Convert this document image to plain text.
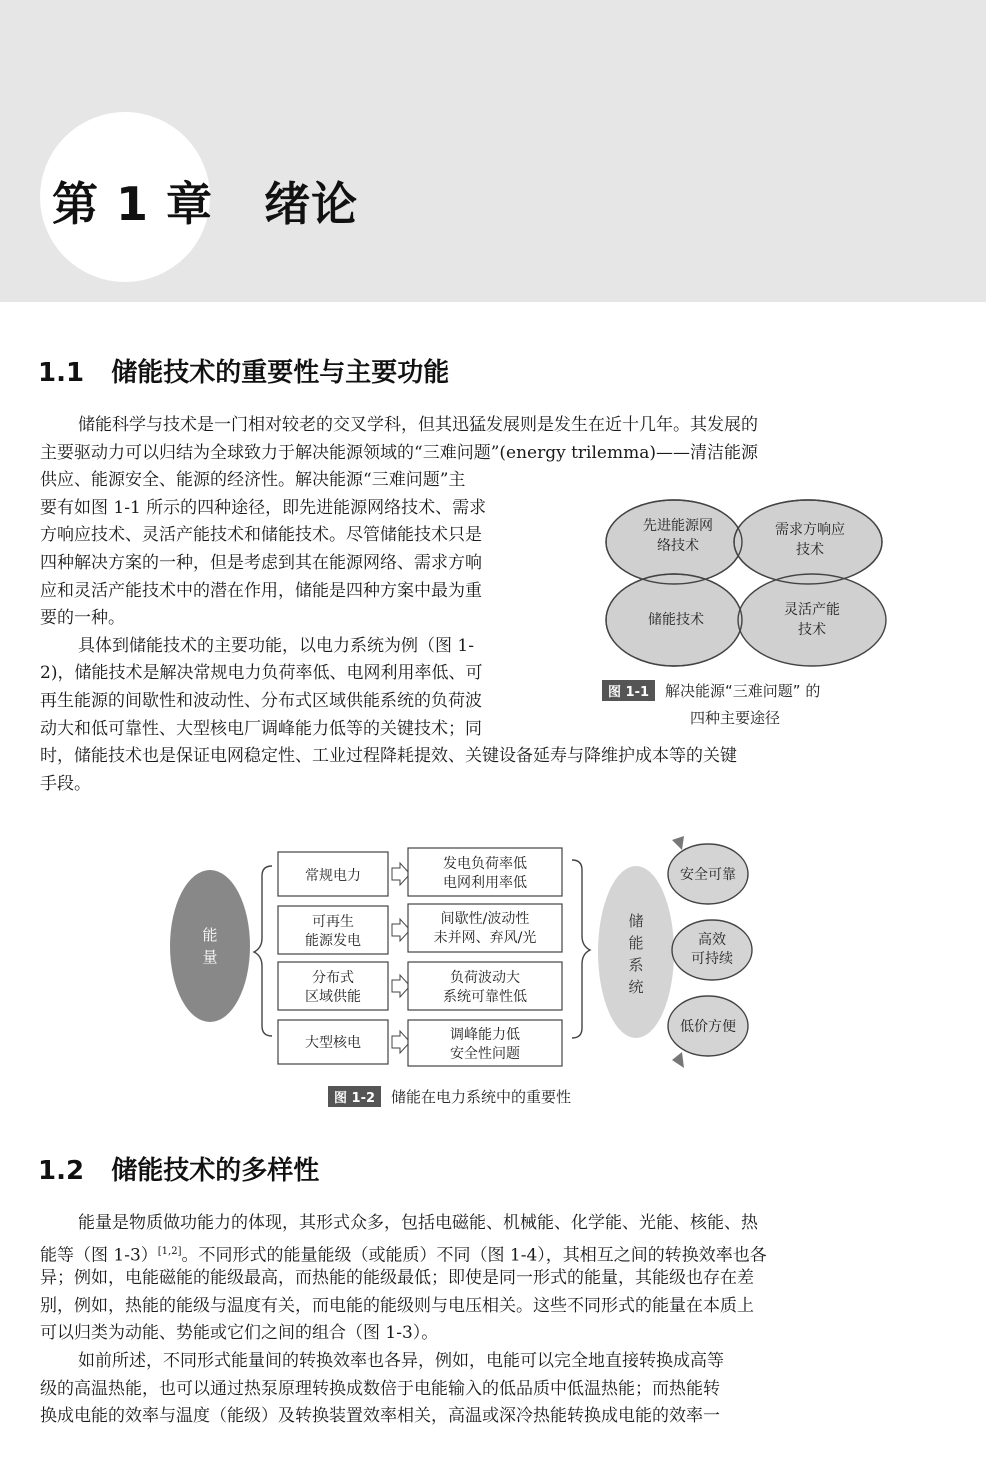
第 1 章   绪论
1.1   储能技术的重要性与主要功能
储能科学与技术是一门相对较老的交叉学科，但其迅猛发展则是发生在近十几年。其发展的
主要驱动力可以归结为全球致力于解决能源领域的“三难问题”(energy trilemma)——清洁能源
供应、能源安全、能源的经济性。解决能源“三难问题”主
要有如图 1-1 所示的四种途径，即先进能源网络技术、需求
方响应技术、灵活产能技术和储能技术。尽管储能技术只是
四种解决方案的一种，但是考虑到其在能源网络、需求方响
应和灵活产能技术中的潜在作用，储能是四种方案中最为重
要的一种。
具体到储能技术的主要功能，以电力系统为例（图 1-
2)，储能技术是解决常规电力负荷率低、电网利用率低、可
再生能源的间歇性和波动性、分布式区域供能系统的负荷波
动大和低可靠性、大型核电厂调峰能力低等的关键技术；同
时，储能技术也是保证电网稳定性、工业过程降耗提效、关键设备延寿与降维护成本等的关键
手段。
先进能源网
络技术
需求方响应
技术
储能技术
灵活产能
技术
图 1-1 解决能源“三难问题” 的
四种主要途径
能
量
常规电力
发电负荷率低
电网利用率低
可再生
能源发电
间歇性/波动性
未并网、弃风/光
分布式
区域供能
负荷波动大
系统可靠性低
大型核电	调峰能力低
安全性问题
储
能
系
统
安全可靠
高效
可持续
低价方便
图 1-2 储能在电力系统中的重要性
1.2   储能技术的多样性
能量是物质做功能力的体现，其形式众多，包括电磁能、机械能、化学能、光能、核能、热
能等（图 1-3）[1,2]。不同形式的能量能级（或能质）不同（图 1-4），其相互之间的转换效率也各
异；例如，电能磁能的能级最高，而热能的能级最低；即使是同一形式的能量，其能级也存在差
别，例如，热能的能级与温度有关，而电能的能级则与电压相关。这些不同形式的能量在本质上
可以归类为动能、势能或它们之间的组合（图 1-3）。
如前所述，不同形式能量间的转换效率也各异，例如，电能可以完全地直接转换成高等
级的高温热能，也可以通过热泵原理转换成数倍于电能输入的低品质中低温热能；而热能转
换成电能的效率与温度（能级）及转换装置效率相关，高温或深冷热能转换成电能的效率一
